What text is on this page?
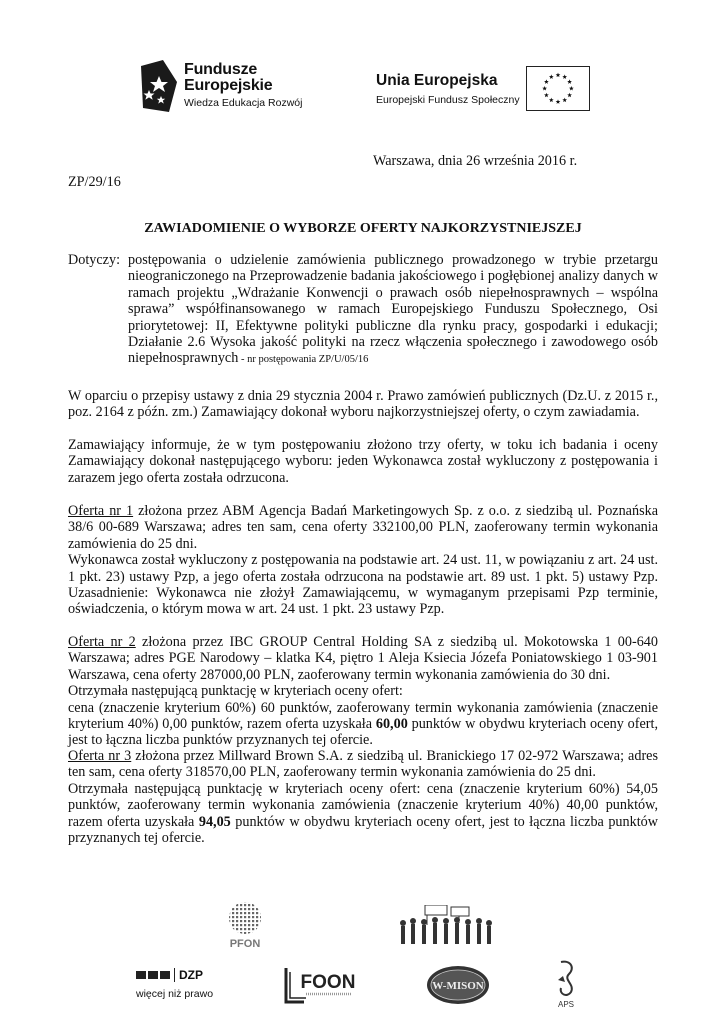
Fundusze
Europejskie
Wiedza Edukacja Rozwój
Unia Europejska
Europejski Fundusz Społeczny
Warszawa, dnia 26 września 2016 r.
ZP/29/16
ZAWIADOMIENIE O WYBORZE OFERTY NAJKORZYSTNIEJSZEJ
Dotyczy: postępowania o udzielenie zamówienia publicznego prowadzonego w trybie przetargu nieograniczonego na Przeprowadzenie badania jakościowego i pogłębionej analizy danych w ramach projektu „Wdrażanie Konwencji o prawach osób niepełnosprawnych – wspólna sprawa” współfinansowanego w ramach Europejskiego Funduszu Społecznego, Osi priorytetowej: II, Efektywne polityki publiczne dla rynku pracy, gospodarki i edukacji; Działanie 2.6 Wysoka jakość polityki na rzecz włączenia społecznego i zawodowego osób niepełnosprawnych - nr postępowania ZP/U/05/16
W oparciu o przepisy ustawy z dnia 29 stycznia 2004 r. Prawo zamówień publicznych (Dz.U. z 2015 r., poz. 2164 z późn. zm.) Zamawiający dokonał wyboru najkorzystniejszej oferty, o czym zawiadamia.
Zamawiający informuje, że w tym postępowaniu złożono trzy oferty, w toku ich badania i oceny Zamawiający dokonał następującego wyboru: jeden Wykonawca został wykluczony z postępowania i zarazem jego oferta została odrzucona.

Oferta nr 1 złożona przez ABM Agencja Badań Marketingowych Sp. z o.o. z siedzibą ul. Poznańska 38/6 00-689 Warszawa; adres ten sam, cena oferty 332100,00 PLN, zaoferowany termin wykonania zamówienia do 25 dni.

Wykonawca został wykluczony z postępowania na podstawie art. 24 ust. 11, w powiązaniu z art. 24 ust. 1 pkt. 23) ustawy Pzp, a jego oferta została odrzucona na podstawie art. 89 ust. 1 pkt. 5) ustawy Pzp. Uzasadnienie: Wykonawca nie złożył Zamawiającemu, w wymaganym przepisami Pzp terminie, oświadczenia, o którym mowa w art. 24 ust. 1 pkt. 23 ustawy Pzp.

Oferta nr 2 złożona przez IBC GROUP Central Holding SA z siedzibą ul. Mokotowska 1 00-640 Warszawa; adres PGE Narodowy – klatka K4, piętro 1 Aleja Ksiecia Józefa Poniatowskiego 1 03-901 Warszawa, cena oferty 287000,00 PLN, zaoferowany termin wykonania zamówienia do 30 dni.

Otrzymała następującą punktację w kryteriach oceny ofert:

cena (znaczenie kryterium 60%) 60 punktów, zaoferowany termin wykonania zamówienia (znaczenie kryterium 40%) 0,00 punktów, razem oferta uzyskała 60,00 punktów w obydwu kryteriach oceny ofert, jest to łączna liczba punktów przyznanych tej ofercie.

Oferta nr 3 złożona przez Millward Brown S.A. z siedzibą ul. Branickiego 17 02-972 Warszawa; adres ten sam, cena oferty 318570,00 PLN, zaoferowany termin wykonania zamówienia do 25 dni.

Otrzymała następującą punktację w kryteriach oceny ofert: cena (znaczenie kryterium 60%) 54,05 punktów, zaoferowany termin wykonania zamówienia (znaczenie kryterium 40%) 40,00 punktów, razem oferta uzyskała 94,05 punktów w obydwu kryteriach oceny ofert, jest to łączna liczba punktów przyznanych tej ofercie.

PFON
DZP
więcej niż prawo
FOON	W-MISON
APS
